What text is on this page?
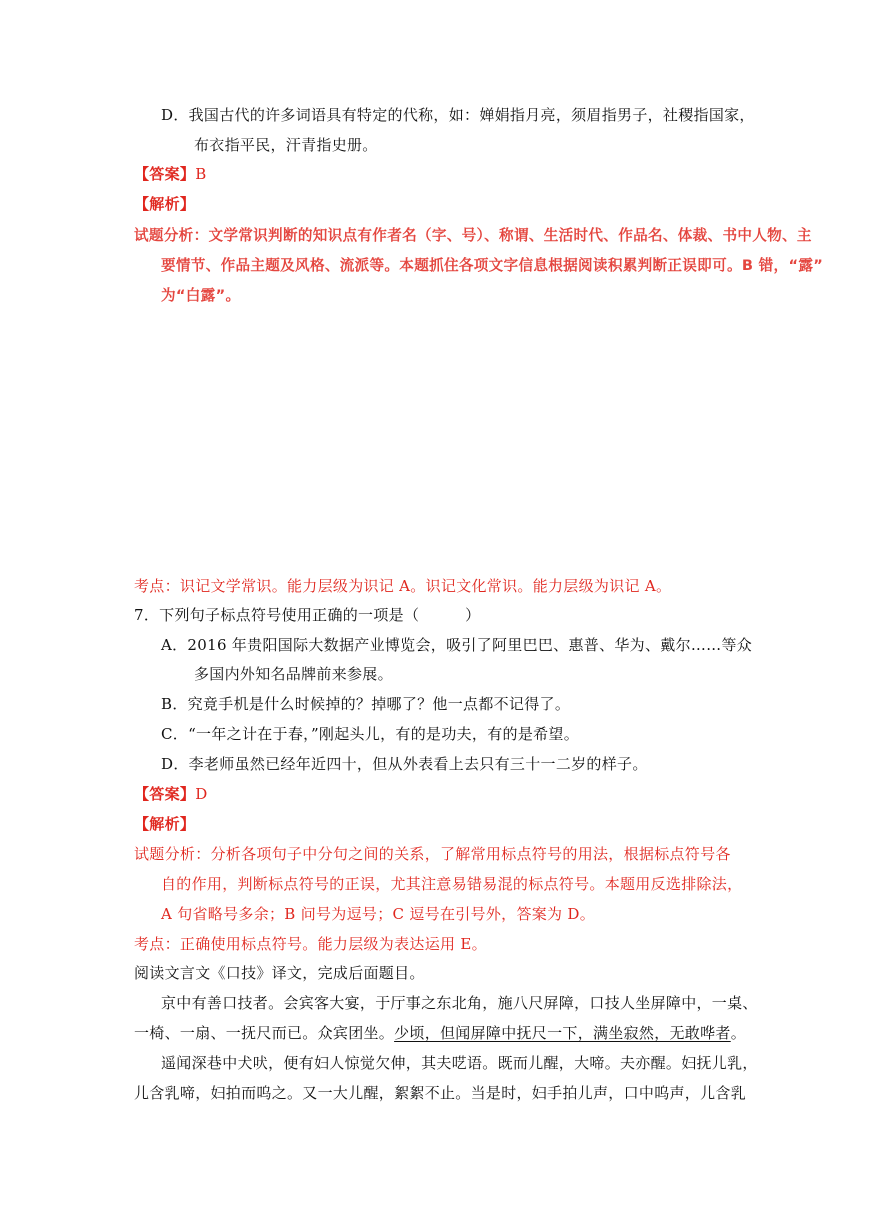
D．我国古代的许多词语具有特定的代称，如：婵娟指月亮，须眉指男子，社稷指国家，
布衣指平民，汗青指史册。
【答案】B
【解析】
试题分析：文学常识判断的知识点有作者名（字、号）、称谓、生活时代、作品名、体裁、书中人物、主
要情节、作品主题及风格、流派等。本题抓住各项文字信息根据阅读积累判断正误即可。B 错，“露”
为“白露”。
考点：识记文学常识。能力层级为识记 A。识记文化常识。能力层级为识记 A。
7．下列句子标点符号使用正确的一项是（　　　）
A．2016 年贵阳国际大数据产业博览会，吸引了阿里巴巴、惠普、华为、戴尔……等众
多国内外知名品牌前来参展。
B．究竟手机是什么时候掉的？掉哪了？他一点都不记得了。
C．“一年之计在于春，”刚起头儿，有的是功夫，有的是希望。
D．李老师虽然已经年近四十，但从外表看上去只有三十一二岁的样子。
【答案】D
【解析】
试题分析：分析各项句子中分句之间的关系，了解常用标点符号的用法，根据标点符号各
自的作用，判断标点符号的正误，尤其注意易错易混的标点符号。本题用反选排除法，
A 句省略号多余；B 问号为逗号；C 逗号在引号外，答案为 D。
考点：正确使用标点符号。能力层级为表达运用 E。
阅读文言文《口技》译文，完成后面题目。
京中有善口技者。会宾客大宴，于厅事之东北角，施八尺屏障，口技人坐屏障中，一桌、
一椅、一扇、一抚尺而已。众宾团坐。少顷，但闻屏障中抚尺一下，满坐寂然，无敢哗者。
遥闻深巷中犬吠，便有妇人惊觉欠伸，其夫呓语。既而儿醒，大啼。夫亦醒。妇抚儿乳，
儿含乳啼，妇拍而呜之。又一大儿醒，絮絮不止。当是时，妇手拍儿声，口中呜声，儿含乳
